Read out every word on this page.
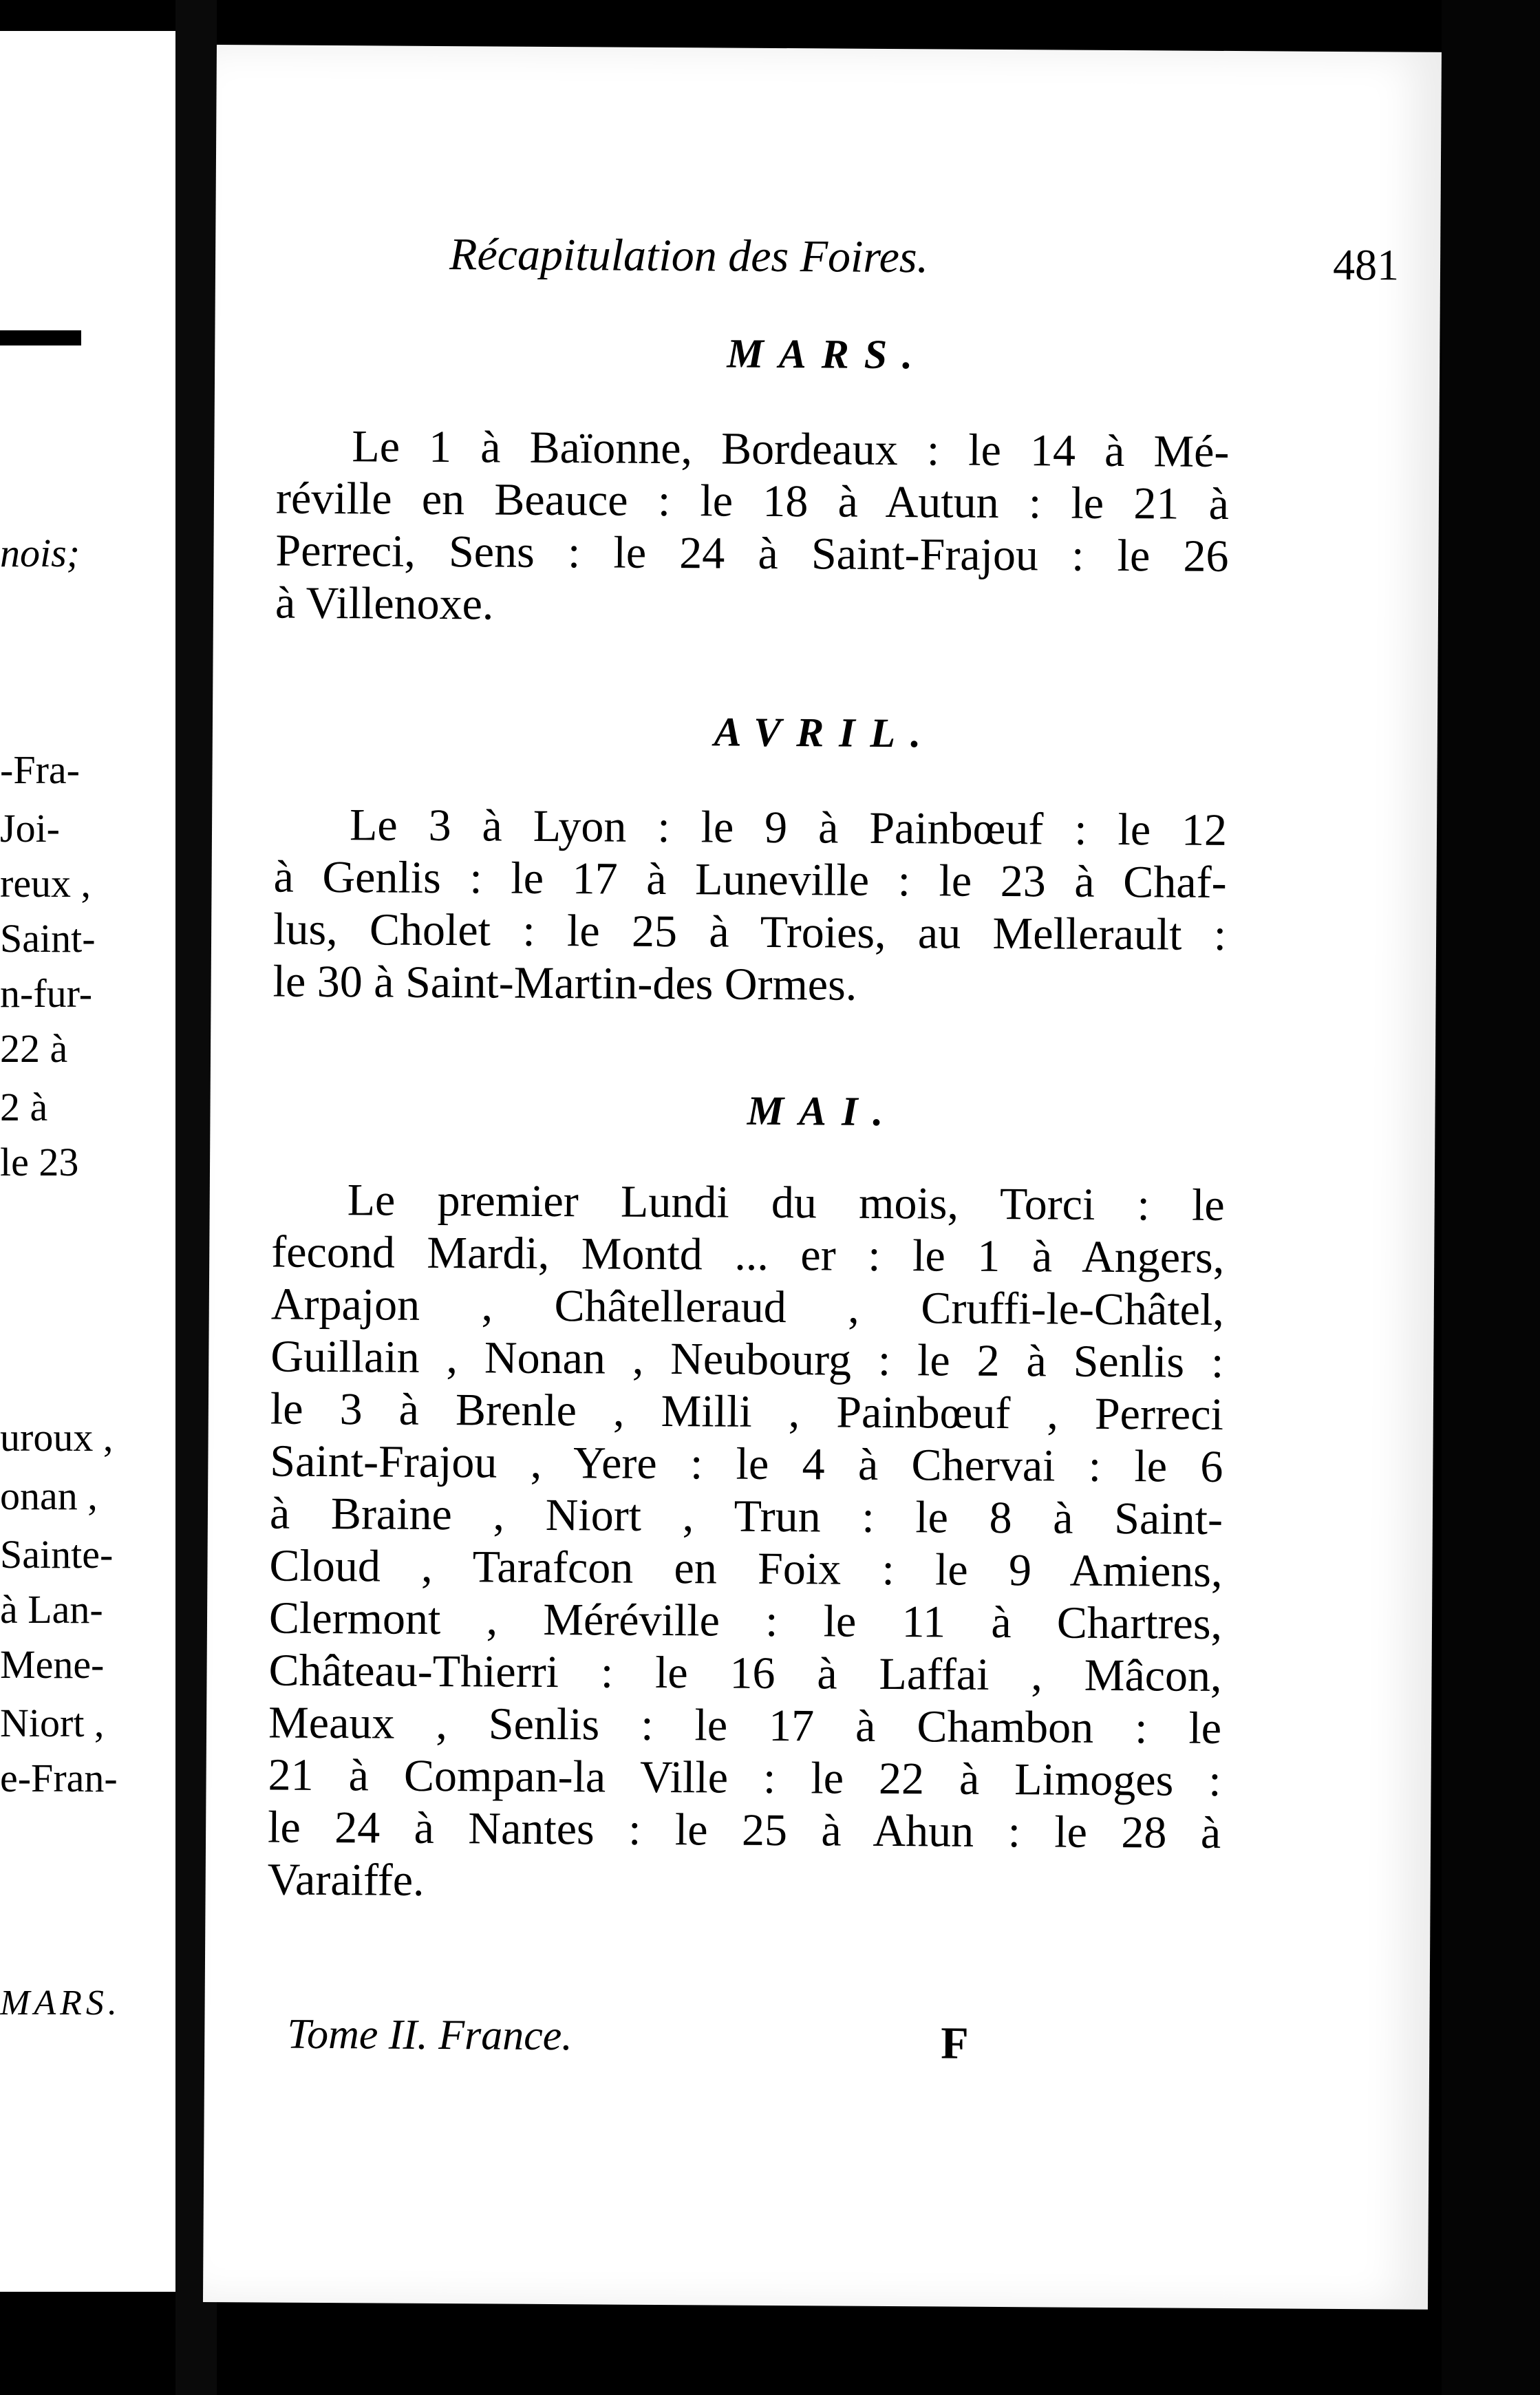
nois;
-Fra-
Joi-
reux ,
Saint-
n-fur-
22 à
2 à
le 23
uroux ,
onan ,
Sainte-
à Lan-
Mene-
Niort ,
e-Fran-
MARS.
Récapitulation des Foires.	481
MARS.
Le 1 à Baïonne, Bordeaux : le 14 à Mé-
réville en Beauce : le 18 à Autun : le 21 à
Perreci, Sens : le 24 à Saint-Frajou : le 26
à Villenoxe.
AVRIL.
Le 3 à Lyon : le 9 à Painbœuf : le 12
à Genlis : le 17 à Luneville : le 23 à Chaf-
lus, Cholet : le 25 à Troies, au Mellerault :
le 30 à Saint-Martin-des Ormes.
MAI.
Le premier Lundi du mois, Torci : le
fecond Mardi, Montd ... er : le 1 à Angers,
Arpajon , Châtelleraud , Cruffi-le-Châtel,
Guillain , Nonan , Neubourg : le 2 à Senlis :
le 3 à Brenle , Milli , Painbœuf , Perreci
Saint-Frajou , Yere : le 4 à Chervai : le 6
à Braine , Niort , Trun : le 8 à Saint-
Cloud , Tarafcon en Foix : le 9 Amiens,
Clermont , Méréville : le 11 à Chartres,
Château-Thierri : le 16 à Laffai , Mâcon,
Meaux , Senlis : le 17 à Chambon : le
21 à Compan-la Ville : le 22 à Limoges :
le 24 à Nantes : le 25 à Ahun : le 28 à
Varaiffe.
Tome II. France.	F
